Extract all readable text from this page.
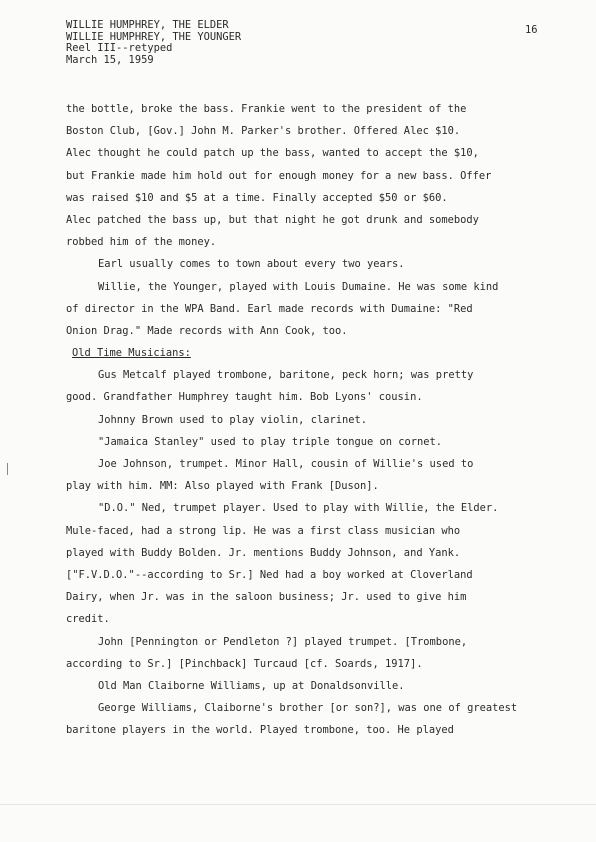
WILLIE HUMPHREY, THE ELDER
WILLIE HUMPHREY, THE YOUNGER
Reel III--retyped
March 15, 1959
16
the bottle, broke the bass. Frankie went to the president of the
Boston Club, [Gov.] John M. Parker's brother. Offered Alec $10.
Alec thought he could patch up the bass, wanted to accept the $10,
but Frankie made him hold out for enough money for a new bass. Offer
was raised $10 and $5 at a time. Finally accepted $50 or $60.
Alec patched the bass up, but that night he got drunk and somebody
robbed him of the money.
Earl usually comes to town about every two years.
Willie, the Younger, played with Louis Dumaine. He was some kind
of director in the WPA Band. Earl made records with Dumaine: "Red
Onion Drag." Made records with Ann Cook, too.
Old Time Musicians:
Gus Metcalf played trombone, baritone, peck horn; was pretty
good. Grandfather Humphrey taught him. Bob Lyons' cousin.
Johnny Brown used to play violin, clarinet.
"Jamaica Stanley" used to play triple tongue on cornet.
Joe Johnson, trumpet. Minor Hall, cousin of Willie's used to
play with him. MM: Also played with Frank [Duson].
"D.O." Ned, trumpet player. Used to play with Willie, the Elder.
Mule-faced, had a strong lip. He was a first class musician who
played with Buddy Bolden. Jr. mentions Buddy Johnson, and Yank.
["F.V.D.O."--according to Sr.] Ned had a boy worked at Cloverland
Dairy, when Jr. was in the saloon business; Jr. used to give him
credit.
John [Pennington or Pendleton ?] played trumpet. [Trombone,
according to Sr.] [Pinchback] Turcaud [cf. Soards, 1917].
Old Man Claiborne Williams, up at Donaldsonville.
George Williams, Claiborne's brother [or son?], was one of greatest
baritone players in the world. Played trombone, too. He played
